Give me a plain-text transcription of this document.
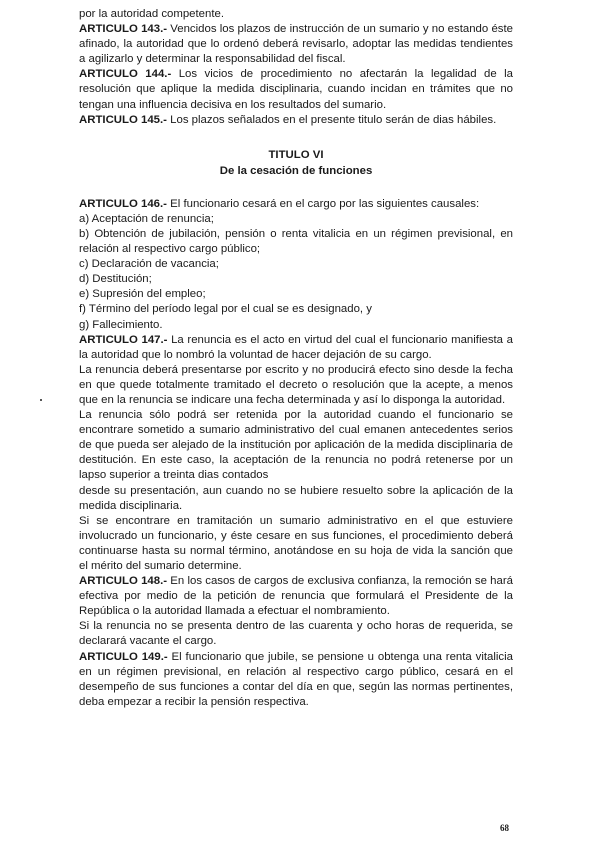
por la autoridad competente.

ARTICULO 143.- Vencidos los plazos de instrucción de un sumario y no estando éste afinado, la autoridad que lo ordenó deberá revisarlo, adoptar las medidas tendientes a agilizarlo y determinar la responsabilidad del fiscal.

ARTICULO 144.- Los vicios de procedimiento no afectarán la legalidad de la resolución que aplique la medida disciplinaria, cuando incidan en trámites que no tengan una influencia decisiva en los resultados del sumario.

ARTICULO 145.- Los plazos señalados en el presente titulo serán de dias hábiles.

TITULO VI
De la cesación de funciones

ARTICULO 146.- El funcionario cesará en el cargo por las siguientes causales:

a) Aceptación de renuncia;
b) Obtención de jubilación, pensión o renta vitalicia en un régimen previsional, en relación al respectivo cargo público;
c) Declaración de vacancia;
d) Destitución;
e) Supresión del empleo;
f) Término del período legal por el cual se es designado, y
g) Fallecimiento.

ARTICULO 147.- La renuncia es el acto en virtud del cual el funcionario manifiesta a la autoridad que lo nombró la voluntad de hacer dejación de su cargo.

La renuncia deberá presentarse por escrito y no producirá efecto sino desde la fecha en que quede totalmente tramitado el decreto o resolución que la acepte, a menos que en la renuncia se indicare una fecha determinada y así lo disponga la autoridad.

La renuncia sólo podrá ser retenida por la autoridad cuando el funcionario se encontrare sometido a sumario administrativo del cual emanen antecedentes serios de que pueda ser alejado de la institución por aplicación de la medida disciplinaria de destitución. En este caso, la aceptación de la renuncia no podrá retenerse por un lapso superior a treinta dias contados

desde su presentación, aun cuando no se hubiere resuelto sobre la aplicación de la medida disciplinaria.

Si se encontrare en tramitación un sumario administrativo en el que estuviere involucrado un funcionario, y éste cesare en sus funciones, el procedimiento deberá continuarse hasta su normal término, anotándose en su hoja de vida la sanción que el mérito del sumario determine.

ARTICULO 148.- En los casos de cargos de exclusiva confianza, la remoción se hará efectiva por medio de la petición de renuncia que formulará el Presidente de la República o la autoridad llamada a efectuar el nombramiento.

Si la renuncia no se presenta dentro de las cuarenta y ocho horas de requerida, se declarará vacante el cargo.

ARTICULO 149.- El funcionario que jubile, se pensione u obtenga una renta vitalicia en un régimen previsional, en relación al respectivo cargo público, cesará en el desempeño de sus funciones a contar del día en que, según las normas pertinentes, deba empezar a recibir la pensión respectiva.

68
